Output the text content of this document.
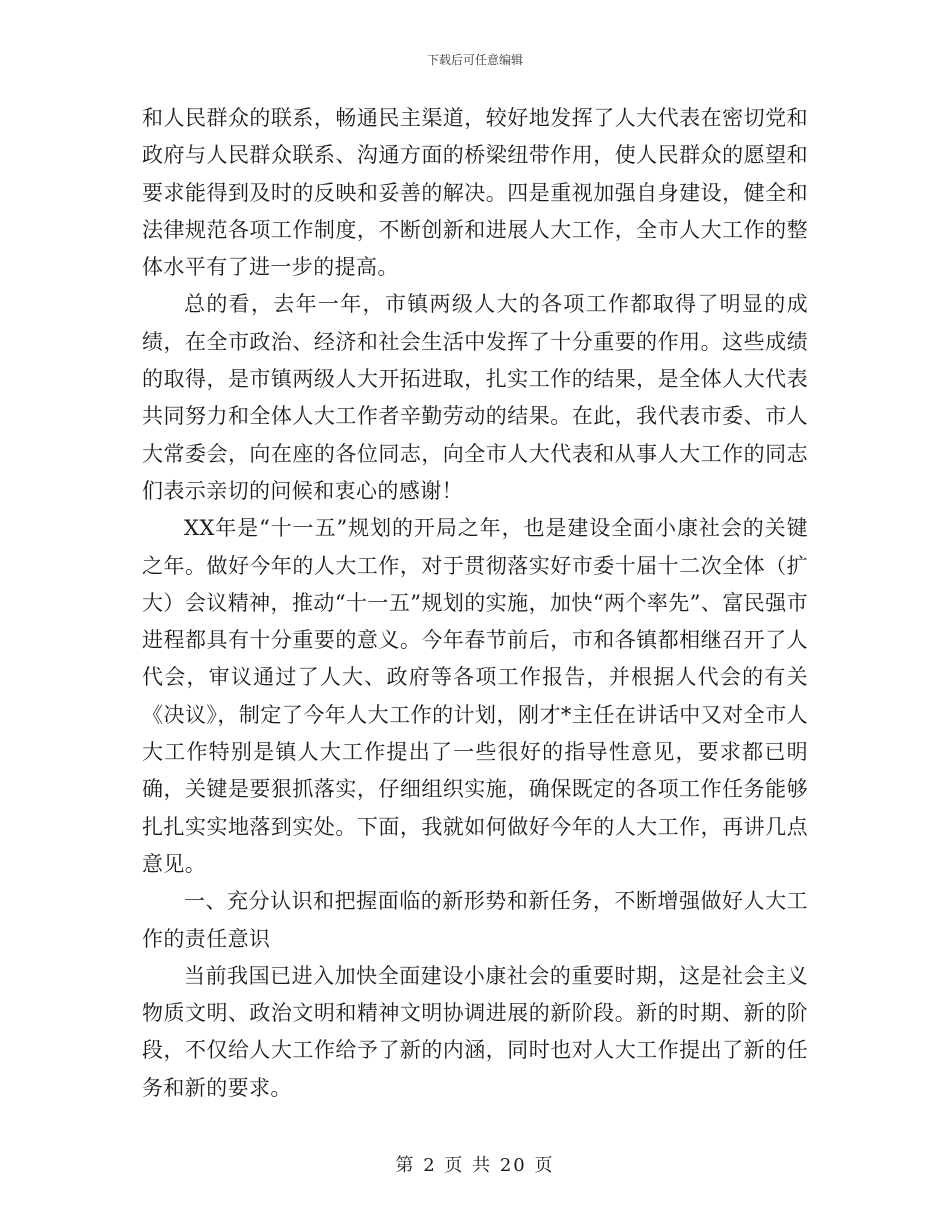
下载后可任意编辑

和人民群众的联系，畅通民主渠道，较好地发挥了人大代表在密切党和政府与人民群众联系、沟通方面的桥梁纽带作用，使人民群众的愿望和要求能得到及时的反映和妥善的解决。四是重视加强自身建设，健全和法律规范各项工作制度，不断创新和进展人大工作，全市人大工作的整体水平有了进一步的提高。

总的看，去年一年，市镇两级人大的各项工作都取得了明显的成绩，在全市政治、经济和社会生活中发挥了十分重要的作用。这些成绩的取得，是市镇两级人大开拓进取，扎实工作的结果，是全体人大代表共同努力和全体人大工作者辛勤劳动的结果。在此，我代表市委、市人大常委会，向在座的各位同志，向全市人大代表和从事人大工作的同志们表示亲切的问候和衷心的感谢！

XX年是“十一五”规划的开局之年，也是建设全面小康社会的关键之年。做好今年的人大工作，对于贯彻落实好市委十届十二次全体（扩大）会议精神，推动“十一五”规划的实施，加快“两个率先”、富民强市进程都具有十分重要的意义。今年春节前后，市和各镇都相继召开了人代会，审议通过了人大、政府等各项工作报告，并根据人代会的有关《决议》，制定了今年人大工作的计划，刚才*主任在讲话中又对全市人大工作特别是镇人大工作提出了一些很好的指导性意见，要求都已明确，关键是要狠抓落实，仔细组织实施，确保既定的各项工作任务能够扎扎实实地落到实处。下面，我就如何做好今年的人大工作，再讲几点意见。

一、充分认识和把握面临的新形势和新任务，不断增强做好人大工作的责任意识

当前我国已进入加快全面建设小康社会的重要时期，这是社会主义物质文明、政治文明和精神文明协调进展的新阶段。新的时期、新的阶段，不仅给人大工作给予了新的内涵，同时也对人大工作提出了新的任务和新的要求。

第 2 页 共 20 页
